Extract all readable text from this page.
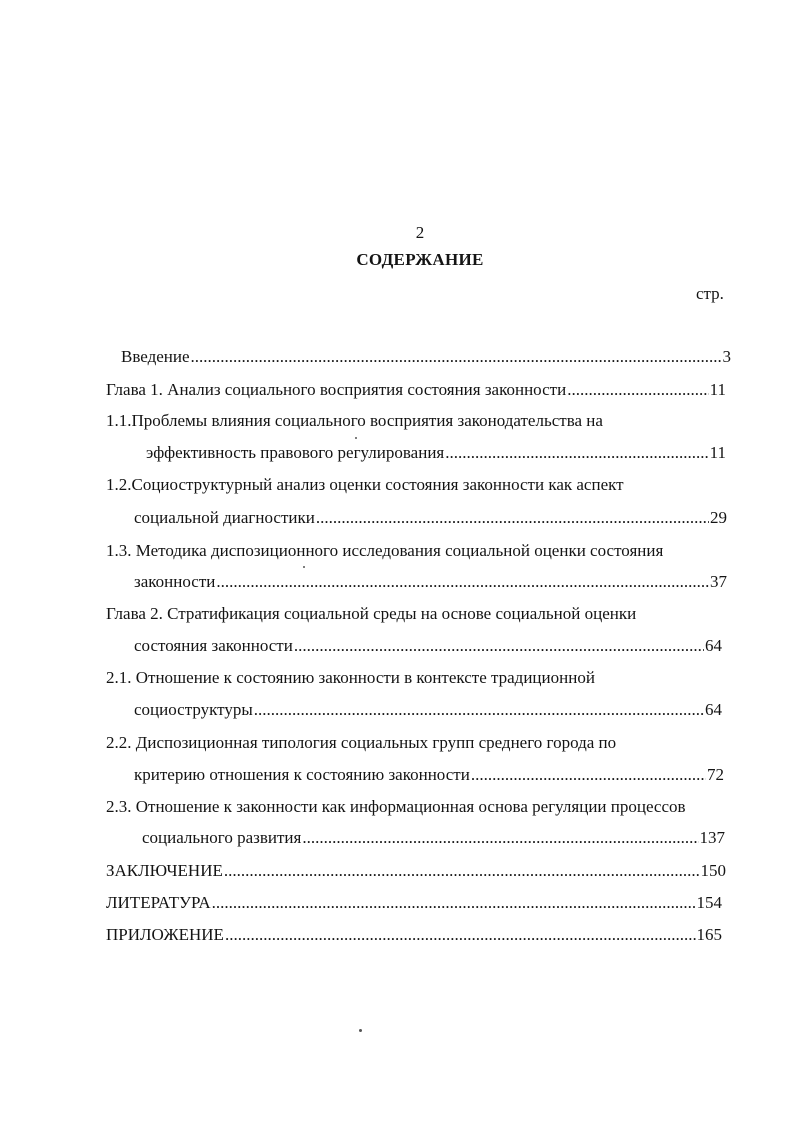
2
СОДЕРЖАНИЕ
стр.
Введение .....	3
Глава 1. Анализ социального восприятия состояния законности .....	11
1.1.Проблемы влияния социального восприятия законодательства на
эффективность правового регулирования .....	11
1.2.Социоструктурный анализ оценки состояния законности как аспект
социальной диагностики .....	29
1.3. Методика диспозиционного исследования социальной оценки состояния
законности .....	37
Глава 2. Стратификация социальной среды на основе социальной оценки
состояния законности .....	64
2.1. Отношение к состоянию законности в контексте традиционной
социоструктуры .....	64
2.2. Диспозиционная типология социальных групп среднего города по
критерию отношения к состоянию законности .....	72
2.3. Отношение к законности как информационная основа регуляции процессов
социального развития .....	137
ЗАКЛЮЧЕНИЕ .....	150
ЛИТЕРАТУРА .....	154
ПРИЛОЖЕНИЕ .....	165
